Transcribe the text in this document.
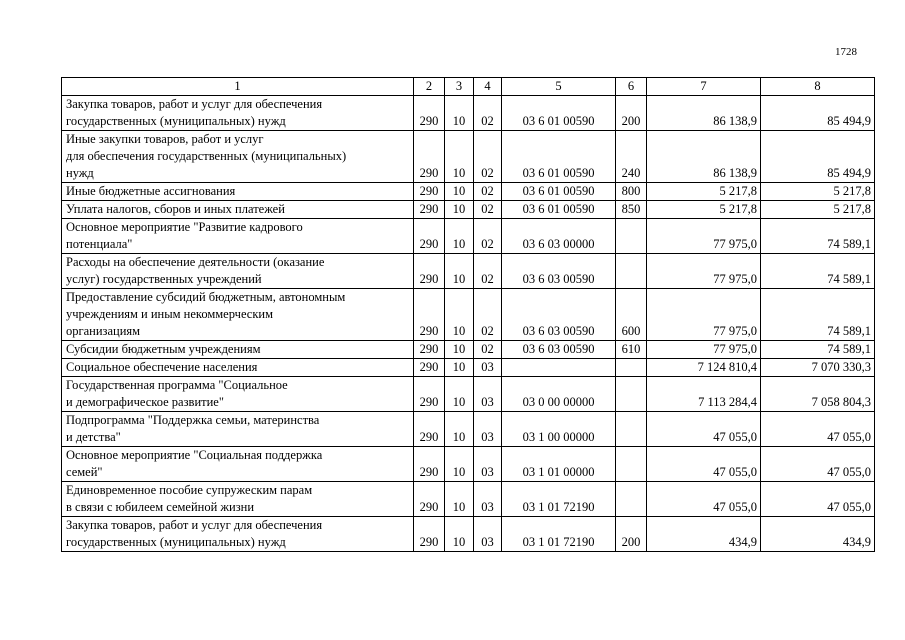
1728
1	2	3	4	5	6	7	8
Закупка товаров, работ и услуг для обеспечения
государственных (муниципальных) нужд	290	10	02	03 6 01 00590	200	86 138,9	85 494,9
Иные закупки товаров, работ и услуг
для обеспечения государственных (муниципальных)
нужд	290	10	02	03 6 01 00590	240	86 138,9	85 494,9
Иные бюджетные ассигнования	290	10	02	03 6 01 00590	800	5 217,8	5 217,8
Уплата налогов, сборов и иных платежей	290	10	02	03 6 01 00590	850	5 217,8	5 217,8
Основное мероприятие "Развитие кадрового
потенциала"	290	10	02	03 6 03 00000		77 975,0	74 589,1
Расходы на обеспечение деятельности (оказание
услуг) государственных учреждений	290	10	02	03 6 03 00590		77 975,0	74 589,1
Предоставление субсидий бюджетным, автономным
учреждениям и иным некоммерческим
организациям	290	10	02	03 6 03 00590	600	77 975,0	74 589,1
Субсидии бюджетным учреждениям	290	10	02	03 6 03 00590	610	77 975,0	74 589,1
Социальное обеспечение населения	290	10	03			7 124 810,4	7 070 330,3
Государственная программа "Социальное
и демографическое развитие"	290	10	03	03 0 00 00000		7 113 284,4	7 058 804,3
Подпрограмма "Поддержка семьи, материнства
и детства"	290	10	03	03 1 00 00000		47 055,0	47 055,0
Основное мероприятие "Социальная поддержка
семей"	290	10	03	03 1 01 00000		47 055,0	47 055,0
Единовременное пособие супружеским парам
в связи с юбилеем семейной жизни	290	10	03	03 1 01 72190		47 055,0	47 055,0
Закупка товаров, работ и услуг для обеспечения
государственных (муниципальных) нужд	290	10	03	03 1 01 72190	200	434,9	434,9
